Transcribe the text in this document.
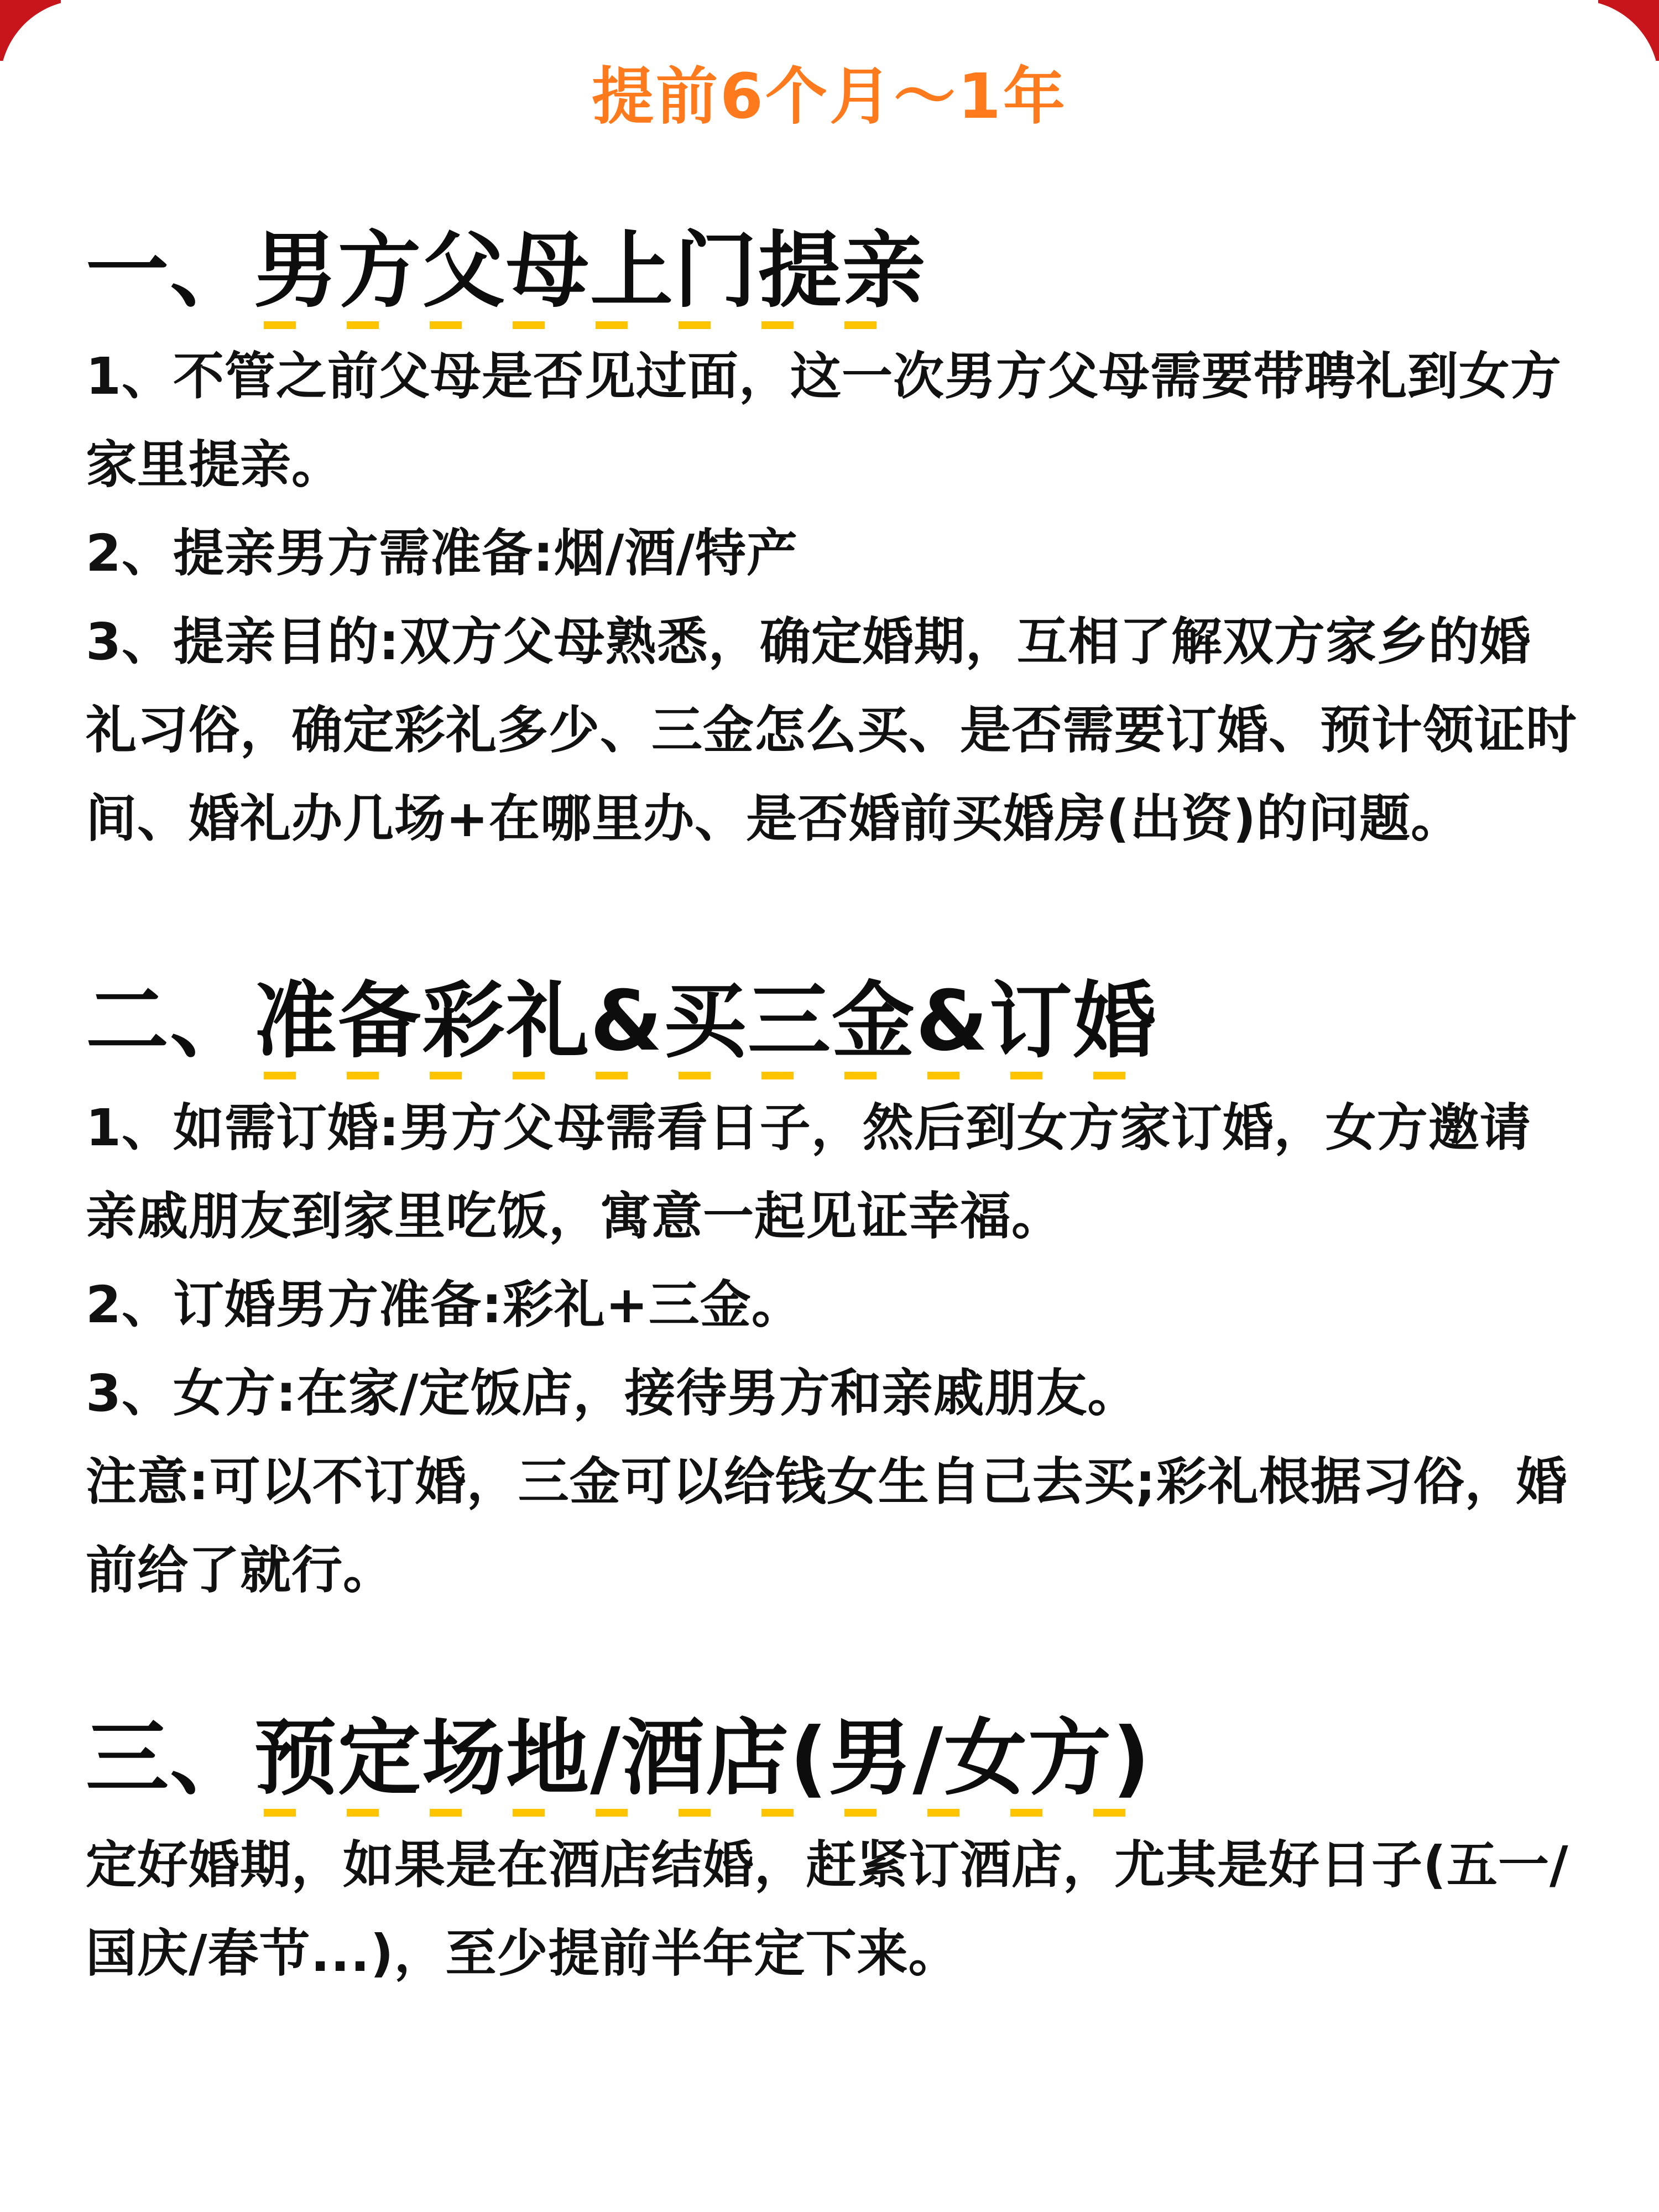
提前6个月～1年
一、男方父母上门提亲

1、不管之前父母是否见过面，这一次男方父母需要带聘礼到女方家里提亲。

2、提亲男方需准备:烟/酒/特产

3、提亲目的:双方父母熟悉，确定婚期，互相了解双方家乡的婚礼习俗，确定彩礼多少、三金怎么买、是否需要订婚、预计领证时间、婚礼办几场+在哪里办、是否婚前买婚房(出资)的问题。

二、准备彩礼&买三金&订婚

1、如需订婚:男方父母需看日子，然后到女方家订婚，女方邀请亲戚朋友到家里吃饭，寓意一起见证幸福。

2、订婚男方准备:彩礼+三金。

3、女方:在家/定饭店，接待男方和亲戚朋友。

注意:可以不订婚，三金可以给钱女生自己去买;彩礼根据习俗，婚前给了就行。

三、预定场地/酒店(男/女方)

定好婚期，如果是在酒店结婚，赶紧订酒店，尤其是好日子(五一/国庆/春节...)，至少提前半年定下来。
